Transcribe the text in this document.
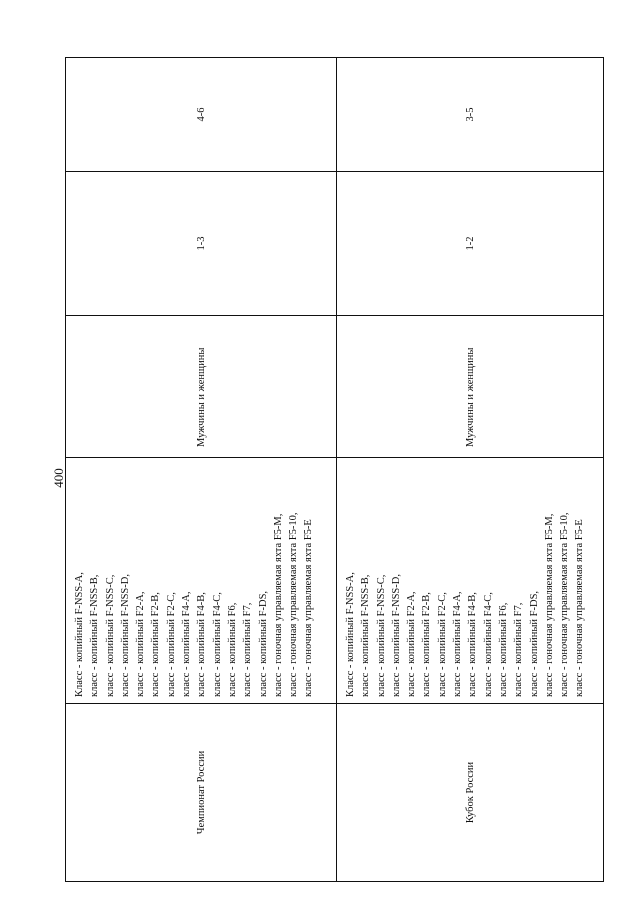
400
Чемпионат России
Класс - копийный F-NSS-A, класс - копийный F-NSS-B, класс - копийный F-NSS-C, класс - копийный F-NSS-D, класс - копийный F2-A, класс - копийный F2-B, класс - копийный F2-C, класс - копийный F4-A, класс - копийный F4-B, класс - копийный F4-C, класс - копийный F6, класс - копийный F7, класс - копийный F-DS, класс - гоночная управляемая яхта F5-M, класс - гоночная управляемая яхта F5-10, класс - гоночная управляемая яхта F5-E
Мужчины и женщины
1-3
4-6
Кубок России
Класс - копийный F-NSS-A, класс - копийный F-NSS-B, класс - копийный F-NSS-C, класс - копийный F-NSS-D, класс - копийный F2-A, класс - копийный F2-B, класс - копийный F2-C, класс - копийный F4-A, класс - копийный F4-B, класс - копийный F4-C, класс - копийный F6, класс - копийный F7, класс - копийный F-DS, класс - гоночная управляемая яхта F5-M, класс - гоночная управляемая яхта F5-10, класс - гоночная управляемая яхта F5-E
Мужчины и женщины
1-2
3-5
